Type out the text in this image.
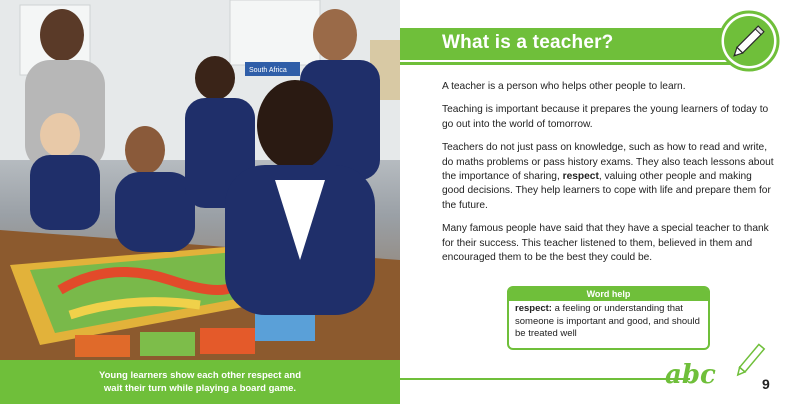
South Africa
Young learners show each other respect and wait their turn while playing a board game.
What is a teacher?

A teacher is a person who helps other people to learn.

Teaching is important because it prepares the young learners of today to go out into the world of tomorrow.

Teachers do not just pass on knowledge, such as how to read and write, do maths problems or pass history exams. They also teach lessons about the importance of sharing, respect, valuing other people and making good decisions. They help learners to cope with life and prepare them for the future.

Many famous people have said that they have a special teacher to thank for their success. This teacher listened to them, believed in them and encouraged them to be the best they could be.

Word help
respect: a feeling or understanding that someone is important and good, and should be treated well
abc	9
